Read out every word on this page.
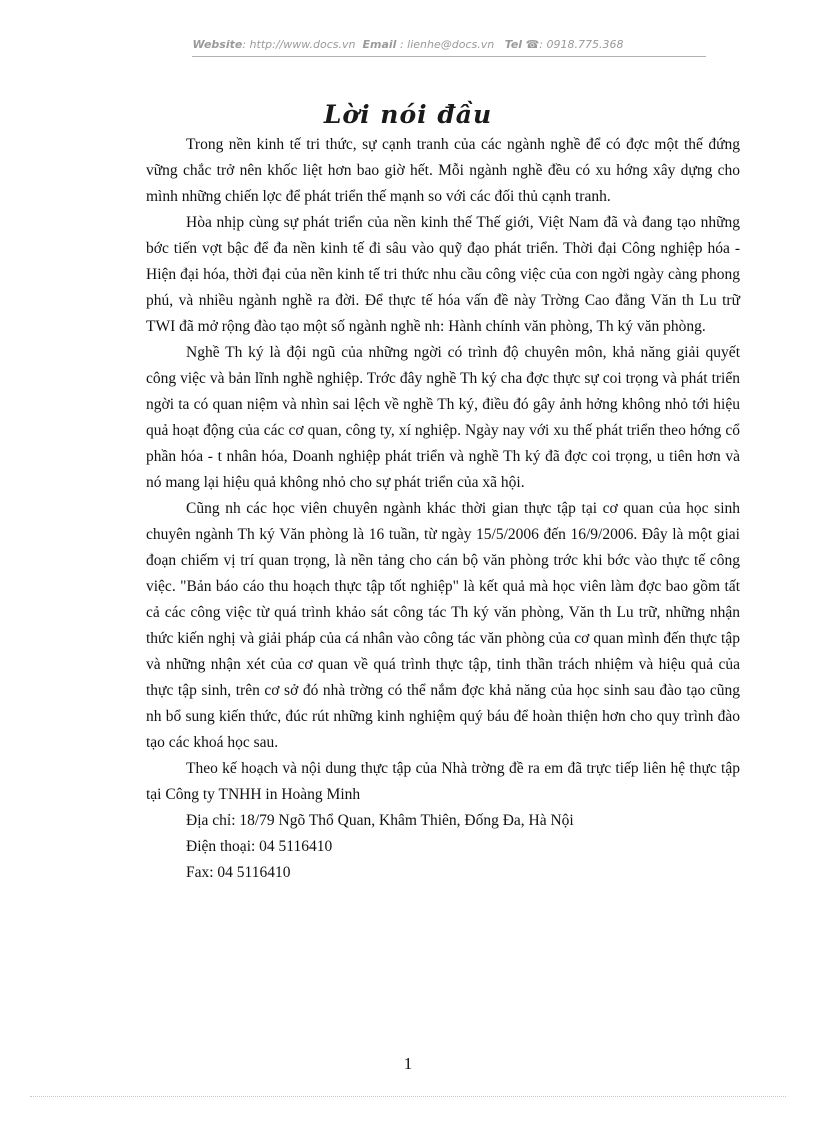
Website: http://www.docs.vn Email : lienhe@docs.vn Tel ☎: 0918.775.368
Lời nói đầu

Trong nền kinh tế tri thức, sự cạnh tranh của các ngành nghề để có đợc một thế đứng vững chắc trở nên khốc liệt hơn bao giờ hết. Mỗi ngành nghề đều có xu hớng xây dựng cho mình những chiến lợc để phát triển thế mạnh so với các đối thủ cạnh tranh.

Hòa nhịp cùng sự phát triển của nền kinh thế Thế giới, Việt Nam đã và đang tạo những bớc tiến vợt bậc để đa nền kinh tế đi sâu vào quỹ đạo phát triển. Thời đại Công nghiệp hóa - Hiện đại hóa, thời đại của nền kinh tế tri thức nhu cầu công việc của con ngời ngày càng phong phú, và nhiều ngành nghề ra đời. Để thực tế hóa vấn đề này Trờng Cao đẳng Văn th Lu trữ TWI đã mở rộng đào tạo một số ngành nghề nh: Hành chính văn phòng, Th ký văn phòng.

Nghề Th ký là đội ngũ của những ngời có trình độ chuyên môn, khả năng giải quyết công việc và bản lĩnh nghề nghiệp. Trớc đây nghề Th ký cha đợc thực sự coi trọng và phát triển ngời ta có quan niệm và nhìn sai lệch về nghề Th ký, điều đó gây ảnh hởng không nhỏ tới hiệu quả hoạt động của các cơ quan, công ty, xí nghiệp. Ngày nay với xu thế phát triển theo hớng cổ phần hóa - t nhân hóa, Doanh nghiệp phát triển và nghề Th ký đã đợc coi trọng, u tiên hơn và nó mang lại hiệu quả không nhỏ cho sự phát triển của xã hội.

Cũng nh các học viên chuyên ngành khác thời gian thực tập tại cơ quan của học sinh chuyên ngành Th ký Văn phòng là 16 tuần, từ ngày 15/5/2006 đến 16/9/2006. Đây là một giai đoạn chiếm vị trí quan trọng, là nền tảng cho cán bộ văn phòng trớc khi bớc vào thực tế công việc. "Bản báo cáo thu hoạch thực tập tốt nghiệp" là kết quả mà học viên làm đợc bao gồm tất cả các công việc từ quá trình khảo sát công tác Th ký văn phòng, Văn th Lu trữ, những nhận thức kiến nghị và giải pháp của cá nhân vào công tác văn phòng của cơ quan mình đến thực tập và những nhận xét của cơ quan về quá trình thực tập, tinh thần trách nhiệm và hiệu quả của thực tập sinh, trên cơ sở đó nhà trờng có thể nắm đợc khả năng của học sinh sau đào tạo cũng nh bổ sung kiến thức, đúc rút những kinh nghiệm quý báu để hoàn thiện hơn cho quy trình đào tạo các khoá học sau.

Theo kế hoạch và nội dung thực tập của Nhà trờng đề ra em đã trực tiếp liên hệ thực tập tại Công ty TNHH in Hoàng Minh

Địa chỉ: 18/79 Ngõ Thổ Quan, Khâm Thiên, Đống Đa, Hà Nội

Điện thoại: 04 5116410

Fax: 04 5116410

1
